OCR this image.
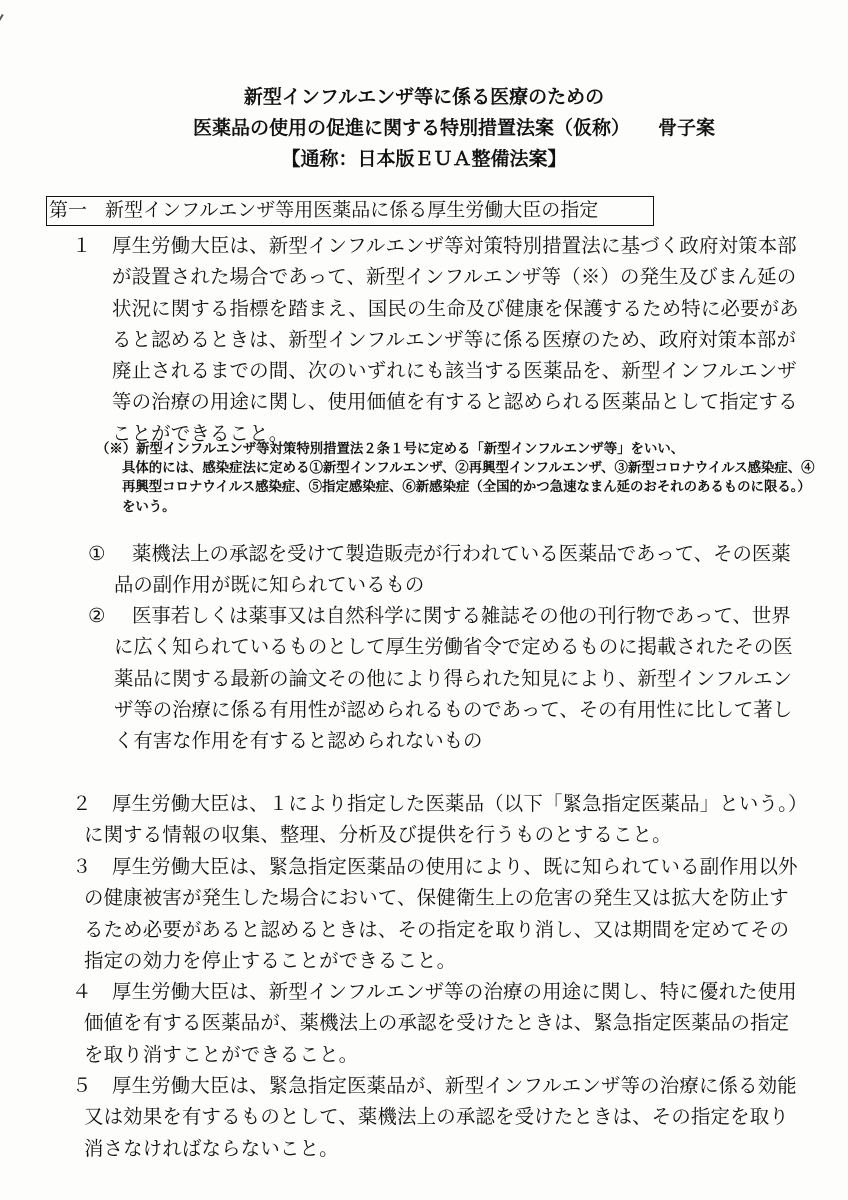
新型インフルエンザ等に係る医療のための
医薬品の使用の促進に関する特別措置法案（仮称） 骨子案
【通称：日本版ＥＵＡ整備法案】
第一 新型インフルエンザ等用医薬品に係る厚生労働大臣の指定
１ 厚生労働大臣は、新型インフルエンザ等対策特別措置法に基づく政府対策本部が設置された場合であって、新型インフルエンザ等（※）の発生及びまん延の状況に関する指標を踏まえ、国民の生命及び健康を保護するため特に必要があると認めるときは、新型インフルエンザ等に係る医療のため、政府対策本部が廃止されるまでの間、次のいずれにも該当する医薬品を、新型インフルエンザ等の治療の用途に関し、使用価値を有すると認められる医薬品として指定することができること。
（※）新型インフルエンザ等対策特別措置法２条１号に定める「新型インフルエンザ等」をいい、
具体的には、感染症法に定める①新型インフルエンザ、②再興型インフルエンザ、③新型コロナウイルス感染症、④再興型コロナウイルス感染症、⑤指定感染症、⑥新感染症（全国的かつ急速なまん延のおそれのあるものに限る。）をいう。
①	薬機法上の承認を受けて製造販売が行われている医薬品であって、その医薬品の副作用が既に知られているもの
②	医事若しくは薬事又は自然科学に関する雑誌その他の刊行物であって、世界に広く知られているものとして厚生労働省令で定めるものに掲載されたその医薬品に関する最新の論文その他により得られた知見により、新型インフルエンザ等の治療に係る有用性が認められるものであって、その有用性に比して著しく有害な作用を有すると認められないもの
２	厚生労働大臣は、１により指定した医薬品（以下「緊急指定医薬品」という。）に関する情報の収集、整理、分析及び提供を行うものとすること。
３	厚生労働大臣は、緊急指定医薬品の使用により、既に知られている副作用以外の健康被害が発生した場合において、保健衛生上の危害の発生又は拡大を防止するため必要があると認めるときは、その指定を取り消し、又は期間を定めてその指定の効力を停止することができること。
４	厚生労働大臣は、新型インフルエンザ等の治療の用途に関し、特に優れた使用価値を有する医薬品が、薬機法上の承認を受けたときは、緊急指定医薬品の指定を取り消すことができること。
５	厚生労働大臣は、緊急指定医薬品が、新型インフルエンザ等の治療に係る効能又は効果を有するものとして、薬機法上の承認を受けたときは、その指定を取り消さなければならないこと。
